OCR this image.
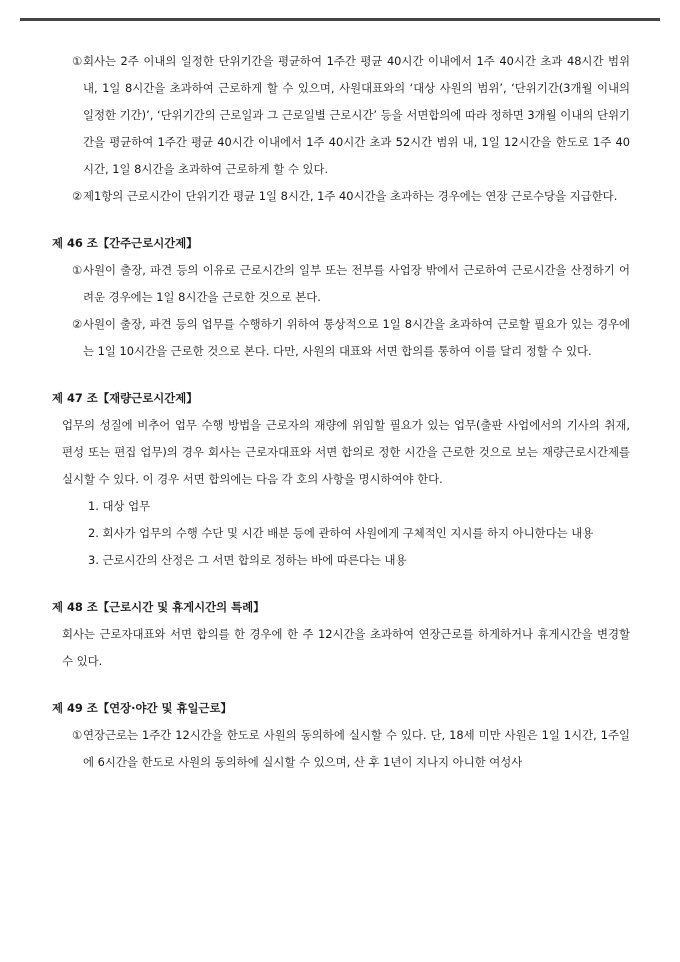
① 회사는 2주 이내의 일정한 단위기간을 평균하여 1주간 평균 40시간 이내에서 1주 40시간 초과 48시간 범위 내, 1일 8시간을 초과하여 근로하게 할 수 있으며, 사원대표와의 ‘대상 사원의 범위’, ‘단위기간(3개월 이내의 일정한 기간)’, ‘단위기간의 근로일과 그 근로일별 근로시간’ 등을 서면합의에 따라 정하면 3개월 이내의 단위기간을 평균하여 1주간 평균 40시간 이내에서 1주 40시간 초과 52시간 범위 내, 1일 12시간을 한도로 1주 40시간, 1일 8시간을 초과하여 근로하게 할 수 있다.
② 제1항의 근로시간이 단위기간 평균 1일 8시간, 1주 40시간을 초과하는 경우에는 연장 근로수당을 지급한다.
제 46 조【간주근로시간제】
① 사원이 출장, 파견 등의 이유로 근로시간의 일부 또는 전부를 사업장 밖에서 근로하여 근로시간을 산정하기 어려운 경우에는 1일 8시간을 근로한 것으로 본다.
② 사원이 출장, 파견 등의 업무를 수행하기 위하여 통상적으로 1일 8시간을 초과하여 근로할 필요가 있는 경우에는 1일 10시간을 근로한 것으로 본다. 다만, 사원의 대표와 서면 합의를 통하여 이를 달리 정할 수 있다.
제 47 조【재량근로시간제】
업무의 성질에 비추어 업무 수행 방법을 근로자의 재량에 위임할 필요가 있는 업무(출판 사업에서의 기사의 취재, 편성 또는 편집 업무)의 경우 회사는 근로자대표와 서면 합의로 정한 시간을 근로한 것으로 보는 재량근로시간제를 실시할 수 있다. 이 경우 서면 합의에는 다음 각 호의 사항을 명시하여야 한다.
1. 대상 업무
2. 회사가 업무의 수행 수단 및 시간 배분 등에 관하여 사원에게 구체적인 지시를 하지 아니한다는 내용
3. 근로시간의 산정은 그 서면 합의로 정하는 바에 따른다는 내용
제 48 조【근로시간 및 휴게시간의 특례】
회사는 근로자대표와 서면 합의를 한 경우에 한 주 12시간을 초과하여 연장근로를 하게하거나 휴게시간을 변경할 수 있다.
제 49 조【연장·야간 및 휴일근로】
① 연장근로는 1주간 12시간을 한도로 사원의 동의하에 실시할 수 있다. 단, 18세 미만 사원은 1일 1시간, 1주일에 6시간을 한도로 사원의 동의하에 실시할 수 있으며, 산 후 1년이 지나지 아니한 여성사
